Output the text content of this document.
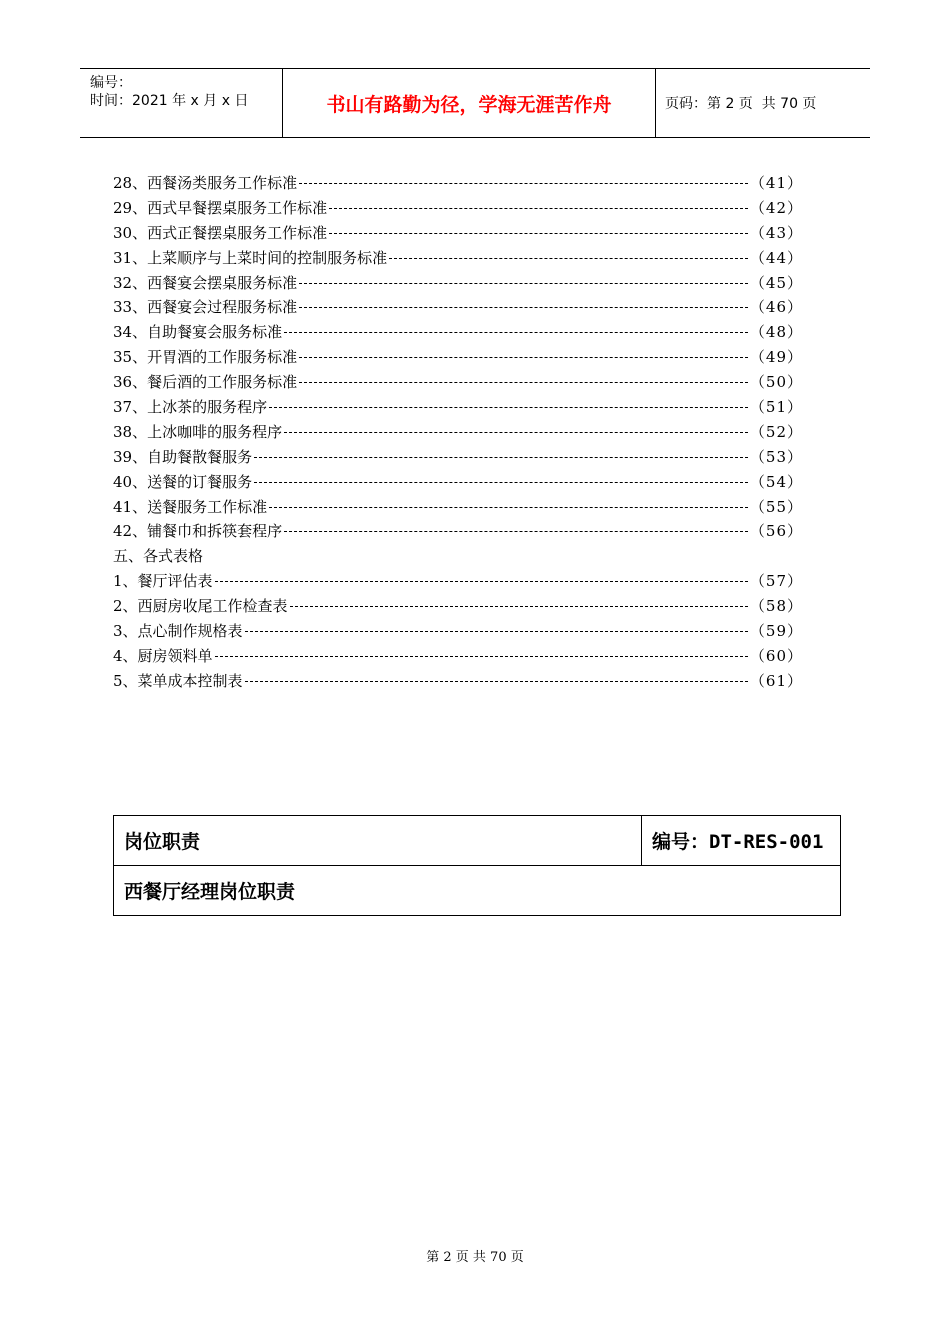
编号：
时间：2021 年 x 月 x 日	书山有路勤为径，学海无涯苦作舟	页码：第 2 页  共 70 页
28、西餐汤类服务工作标准	（41）
29、西式早餐摆桌服务工作标准	（42）
30、西式正餐摆桌服务工作标准	（43）
31、上菜顺序与上菜时间的控制服务标准	（44）
32、西餐宴会摆桌服务标准	（45）
33、西餐宴会过程服务标准	（46）
34、自助餐宴会服务标准	（48）
35、开胃酒的工作服务标准	（49）
36、餐后酒的工作服务标准	（50）
37、上冰茶的服务程序	（51）
38、上冰咖啡的服务程序	（52）
39、自助餐散餐服务	（53）
40、送餐的订餐服务	（54）
41、送餐服务工作标准	（55）
42、铺餐巾和拆筷套程序	（56）
五、各式表格
1、餐厅评估表	（57）
2、西厨房收尾工作检查表	（58）
3、点心制作规格表	（59）
4、厨房领料单	（60）
5、菜单成本控制表	（61）
岗位职责	编号：DT-RES-001
西餐厅经理岗位职责
第 2 页 共 70 页
